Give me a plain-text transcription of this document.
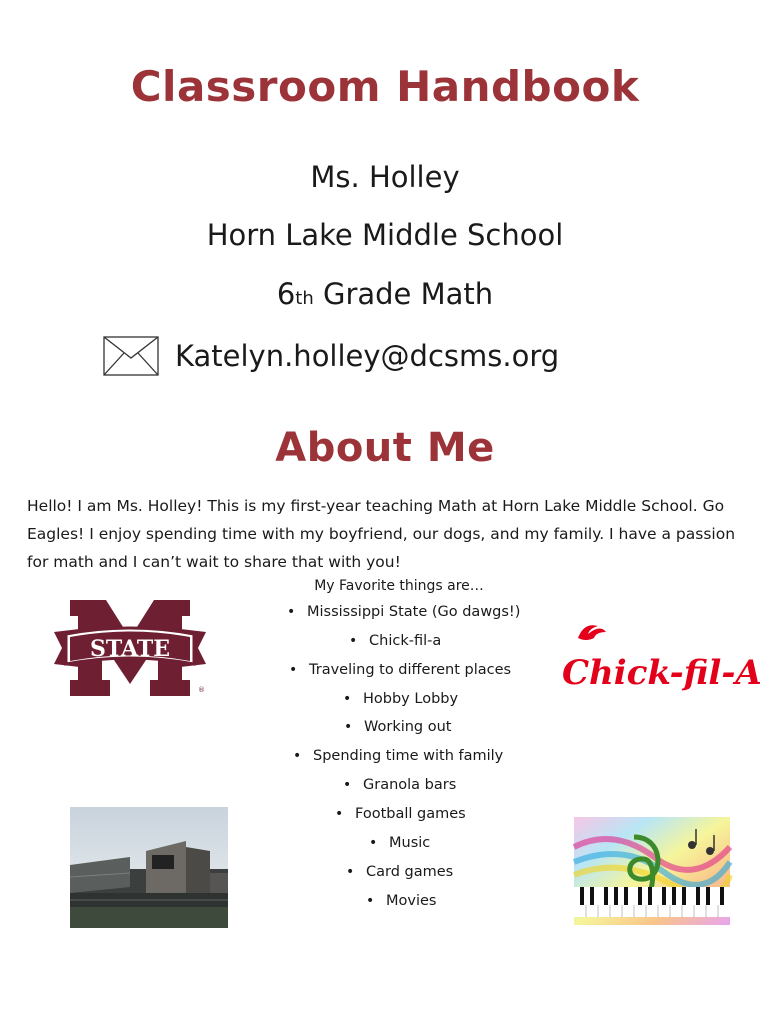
Classroom Handbook
Ms. Holley
Horn Lake Middle School
6th Grade Math
Katelyn.holley@dcsms.org
About Me
Hello! I am Ms. Holley! This is my first-year teaching Math at Horn Lake Middle School. Go Eagles! I enjoy spending time with my boyfriend, our dogs, and my family. I have a passion for math and I can’t wait to share that with you!
My Favorite things are…
• Mississippi State (Go dawgs!)
• Chick-fil-a
• Traveling to different places
• Hobby Lobby
• Working out
• Spending time with family
• Granola bars
• Football games
• Music
• Card games
• Movies
STATE
®	Chick-fil-A
